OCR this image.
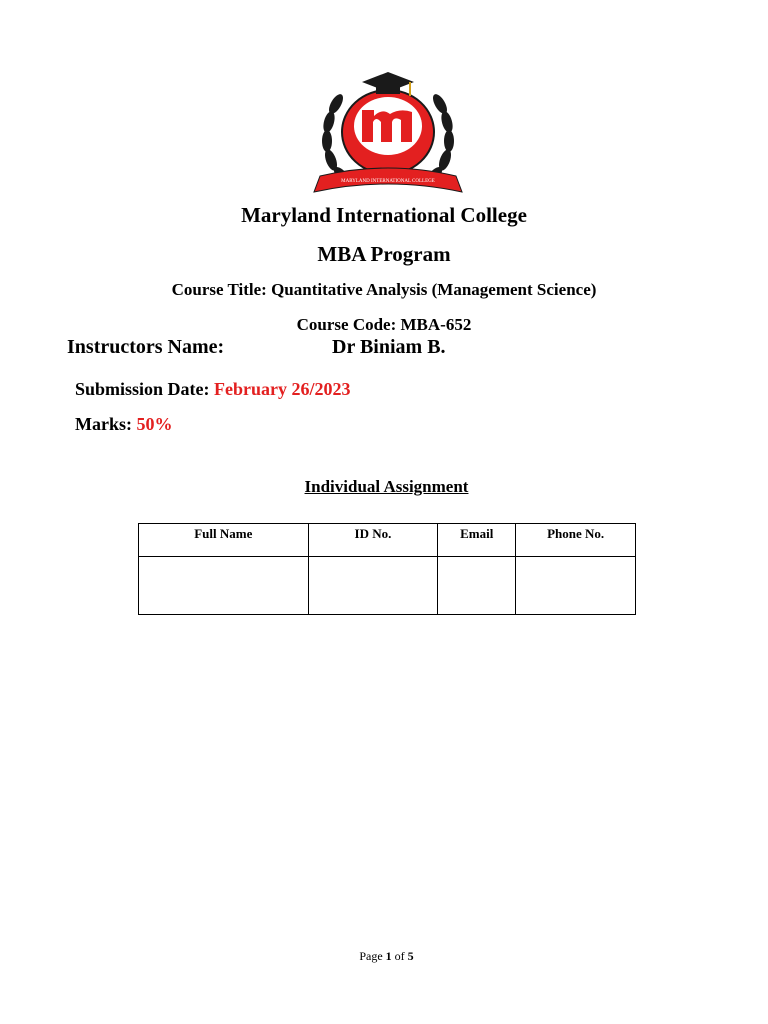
MIC
MARYLAND INTERNATIONAL COLLEGE
Maryland International College
MBA Program
Course Title: Quantitative Analysis (Management Science)
Course Code: MBA-652
Instructors Name:	Dr Biniam B.
Submission Date: February 26/2023
Marks: 50%
Individual Assignment
Full Name	ID No.	Email	Phone No.

Page 1 of 5
